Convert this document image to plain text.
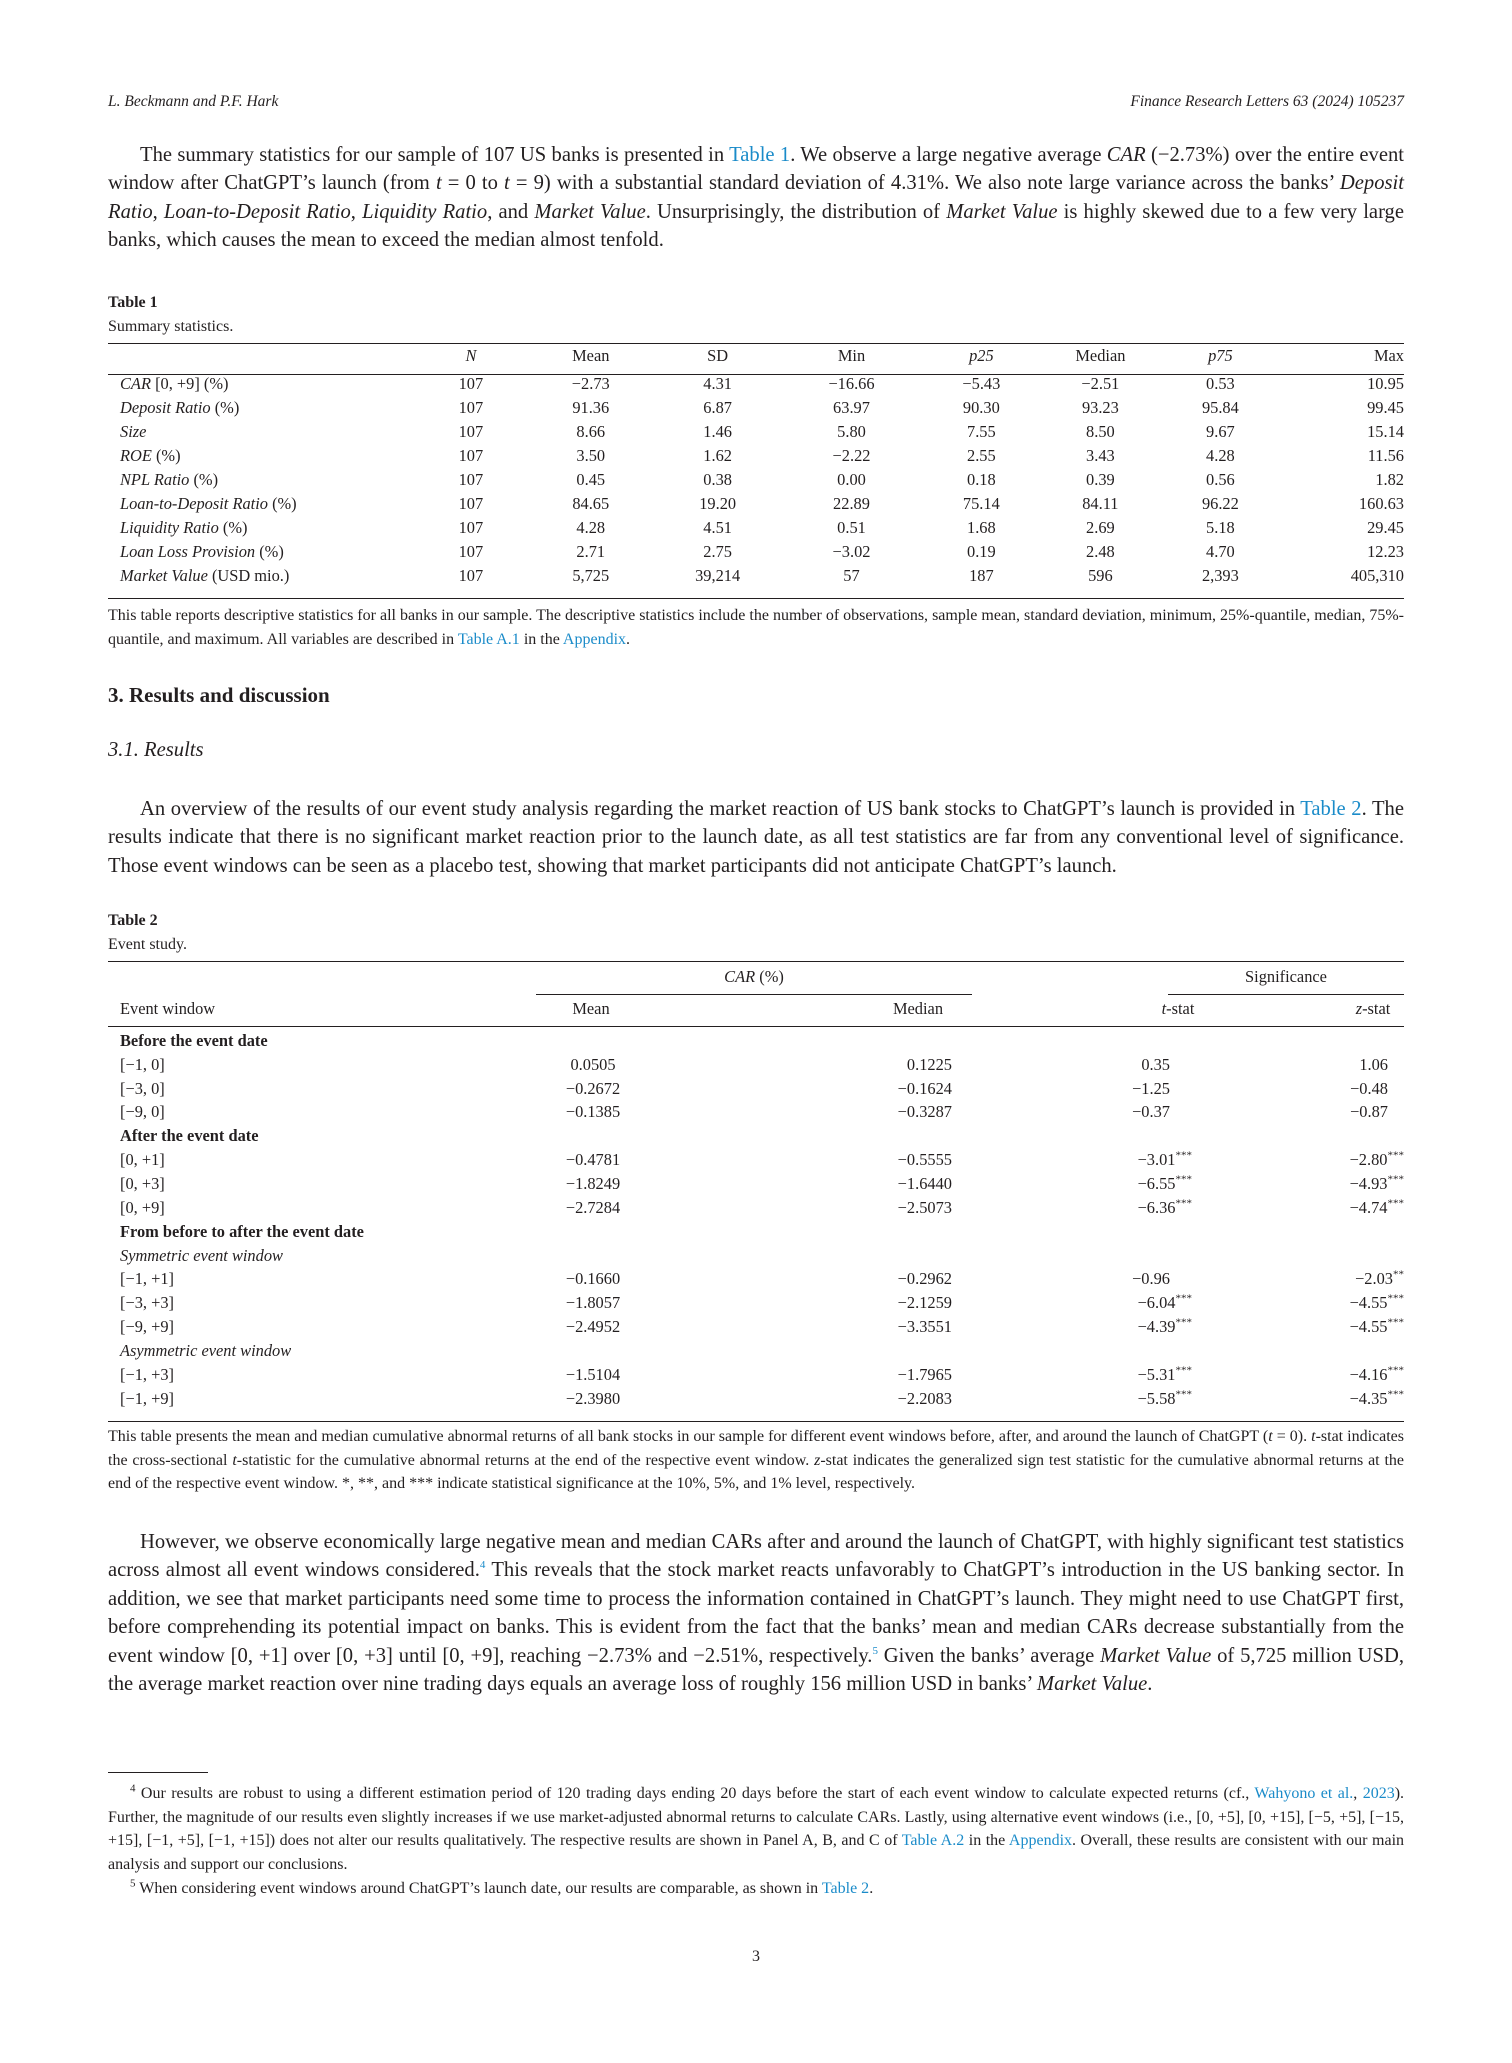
L. Beckmann and P.F. Hark	Finance Research Letters 63 (2024) 105237

The summary statistics for our sample of 107 US banks is presented in Table 1. We observe a large negative average CAR (−2.73%) over the entire event window after ChatGPT’s launch (from t = 0 to t = 9) with a substantial standard deviation of 4.31%. We also note large variance across the banks’ Deposit Ratio, Loan-to-Deposit Ratio, Liquidity Ratio, and Market Value. Unsurprisingly, the distribution of Market Value is highly skewed due to a few very large banks, which causes the mean to exceed the median almost tenfold.

Table 1
Summary statistics.
	N	Mean	SD	Min	p25	Median	p75	Max
CAR [0, +9] (%)	107	−2.73	4.31	−16.66	−5.43	−2.51	0.53	10.95
Deposit Ratio (%)	107	91.36	6.87	63.97	90.30	93.23	95.84	99.45
Size	107	8.66	1.46	5.80	7.55	8.50	9.67	15.14
ROE (%)	107	3.50	1.62	−2.22	2.55	3.43	4.28	11.56
NPL Ratio (%)	107	0.45	0.38	0.00	0.18	0.39	0.56	1.82
Loan-to-Deposit Ratio (%)	107	84.65	19.20	22.89	75.14	84.11	96.22	160.63
Liquidity Ratio (%)	107	4.28	4.51	0.51	1.68	2.69	5.18	29.45
Loan Loss Provision (%)	107	2.71	2.75	−3.02	0.19	2.48	4.70	12.23
Market Value (USD mio.)	107	5,725	39,214	57	187	596	2,393	405,310

This table reports descriptive statistics for all banks in our sample. The descriptive statistics include the number of observations, sample mean, standard deviation, minimum, 25%-quantile, median, 75%-quantile, and maximum. All variables are described in Table A.1 in the Appendix.

3. Results and discussion
3.1. Results

An overview of the results of our event study analysis regarding the market reaction of US bank stocks to ChatGPT’s launch is provided in Table 2. The results indicate that there is no significant market reaction prior to the launch date, as all test statistics are far from any conventional level of significance. Those event windows can be seen as a placebo test, showing that market participants did not anticipate ChatGPT’s launch.

Table 2
Event study.
CAR (%)	Significance
Event window	Mean	Median	t-stat	z-stat
Before the event date				
[−1, 0]	0.0505	0.1225	0.35	1.06
[−3, 0]	−0.2672	−0.1624	−1.25	−0.48
[−9, 0]	−0.1385	−0.3287	−0.37	−0.87
After the event date				
[0, +1]	−0.4781	−0.5555	−3.01***	−2.80***
[0, +3]	−1.8249	−1.6440	−6.55***	−4.93***
[0, +9]	−2.7284	−2.5073	−6.36***	−4.74***
From before to after the event date				
Symmetric event window				
[−1, +1]	−0.1660	−0.2962	−0.96	−2.03**
[−3, +3]	−1.8057	−2.1259	−6.04***	−4.55***
[−9, +9]	−2.4952	−3.3551	−4.39***	−4.55***
Asymmetric event window				
[−1, +3]	−1.5104	−1.7965	−5.31***	−4.16***
[−1, +9]	−2.3980	−2.2083	−5.58***	−4.35***

This table presents the mean and median cumulative abnormal returns of all bank stocks in our sample for different event windows before, after, and around the launch of ChatGPT (t = 0). t-stat indicates the cross-sectional t-statistic for the cumulative abnormal returns at the end of the respective event window. z-stat indicates the generalized sign test statistic for the cumulative abnormal returns at the end of the respective event window. *, **, and *** indicate statistical significance at the 10%, 5%, and 1% level, respectively.

However, we observe economically large negative mean and median CARs after and around the launch of ChatGPT, with highly significant test statistics across almost all event windows considered.$^4$ This reveals that the stock market reacts unfavorably to ChatGPT’s introduction in the US banking sector. In addition, we see that market participants need some time to process the information contained in ChatGPT’s launch. They might need to use ChatGPT first, before comprehending its potential impact on banks. This is evident from the fact that the banks’ mean and median CARs decrease substantially from the event window [0, +1] over [0, +3] until [0, +9], reaching −2.73% and −2.51%, respectively.$^5$ Given the banks’ average Market Value of 5,725 million USD, the average market reaction over nine trading days equals an average loss of roughly 156 million USD in banks’ Market Value.

$^4$ Our results are robust to using a different estimation period of 120 trading days ending 20 days before the start of each event window to calculate expected returns (cf., Wahyono et al., 2023). Further, the magnitude of our results even slightly increases if we use market-adjusted abnormal returns to calculate CARs. Lastly, using alternative event windows (i.e., [0, +5], [0, +15], [−5, +5], [−15, +15], [−1, +5], [−1, +15]) does not alter our results qualitatively. The respective results are shown in Panel A, B, and C of Table A.2 in the Appendix. Overall, these results are consistent with our main analysis and support our conclusions.

$^5$ When considering event windows around ChatGPT’s launch date, our results are comparable, as shown in Table 2.

3
